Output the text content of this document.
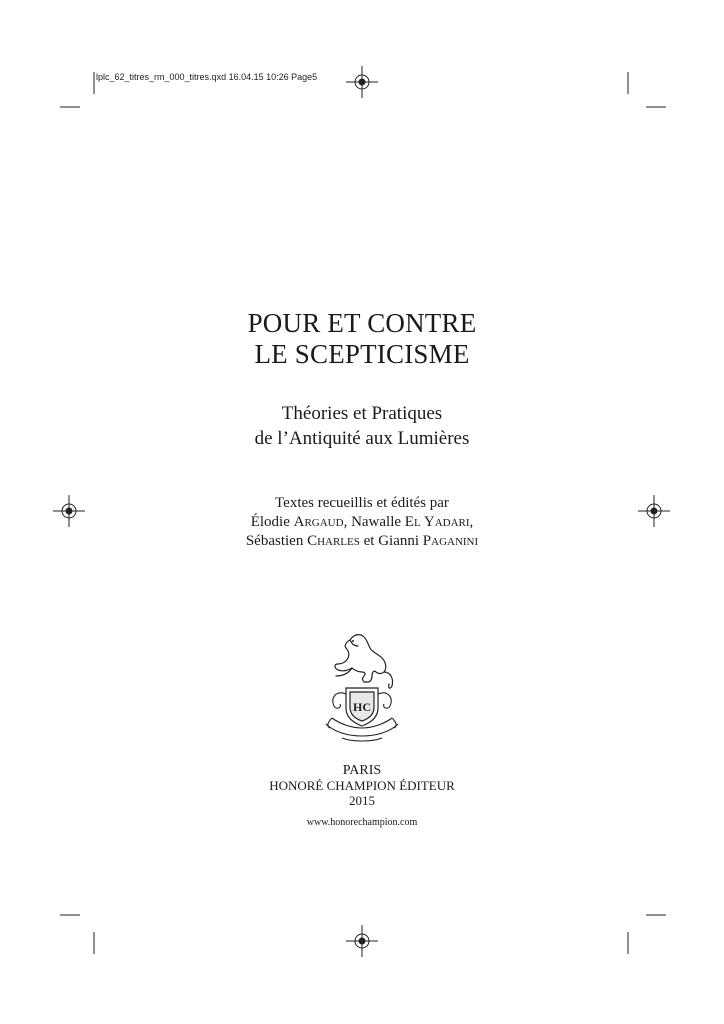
lplc_62_titres_rm_000_titres.qxd 16.04.15 10:26 Page5
POUR ET CONTRE
LE SCEPTICISME
Théories et Pratiques
de l’Antiquité aux Lumières
Textes recueillis et édités par
Élodie Argaud, Nawalle El Yadari,
Sébastien Charles et Gianni Paganini
HC
PARIS
HONORÉ CHAMPION ÉDITEUR
2015
www.honorechampion.com
